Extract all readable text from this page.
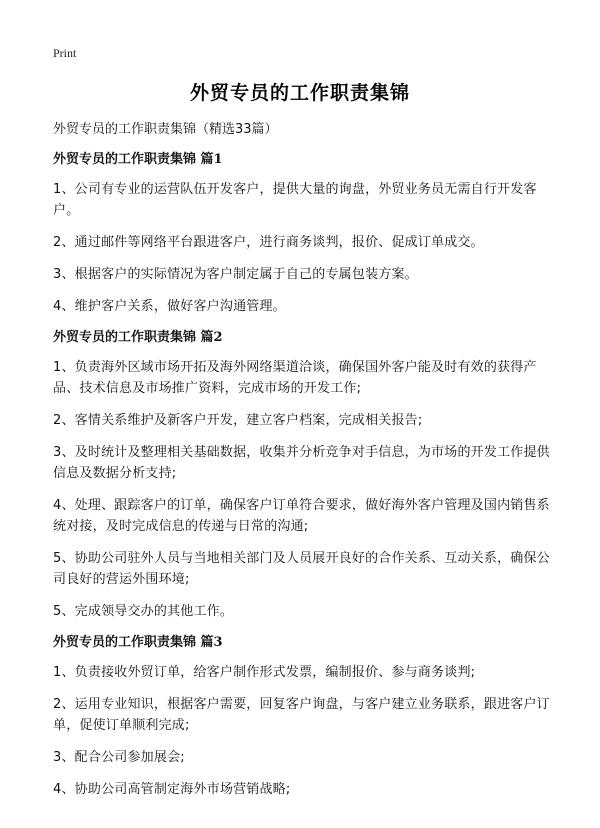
Print
外贸专员的工作职责集锦
外贸专员的工作职责集锦（精选33篇）
外贸专员的工作职责集锦 篇1
1、公司有专业的运营队伍开发客户，提供大量的询盘，外贸业务员无需自行开发客户。
2、通过邮件等网络平台跟进客户，进行商务谈判，报价、促成订单成交。
3、根据客户的实际情况为客户制定属于自己的专属包装方案。
4、维护客户关系，做好客户沟通管理。
外贸专员的工作职责集锦 篇2
1、负责海外区域市场开拓及海外网络渠道洽谈，确保国外客户能及时有效的获得产品、技术信息及市场推广资料，完成市场的开发工作;
2、客情关系维护及新客户开发，建立客户档案，完成相关报告;
3、及时统计及整理相关基础数据，收集并分析竞争对手信息，为市场的开发工作提供信息及数据分析支持;
4、处理、跟踪客户的订单，确保客户订单符合要求，做好海外客户管理及国内销售系统对接，及时完成信息的传递与日常的沟通;
5、协助公司驻外人员与当地相关部门及人员展开良好的合作关系、互动关系，确保公司良好的营运外围环境;
5、完成领导交办的其他工作。
外贸专员的工作职责集锦 篇3
1、负责接收外贸订单，给客户制作形式发票，编制报价、参与商务谈判;
2、运用专业知识，根据客户需要，回复客户询盘，与客户建立业务联系，跟进客户订单，促使订单顺利完成;
3、配合公司参加展会;
4、协助公司高管制定海外市场营销战略;
